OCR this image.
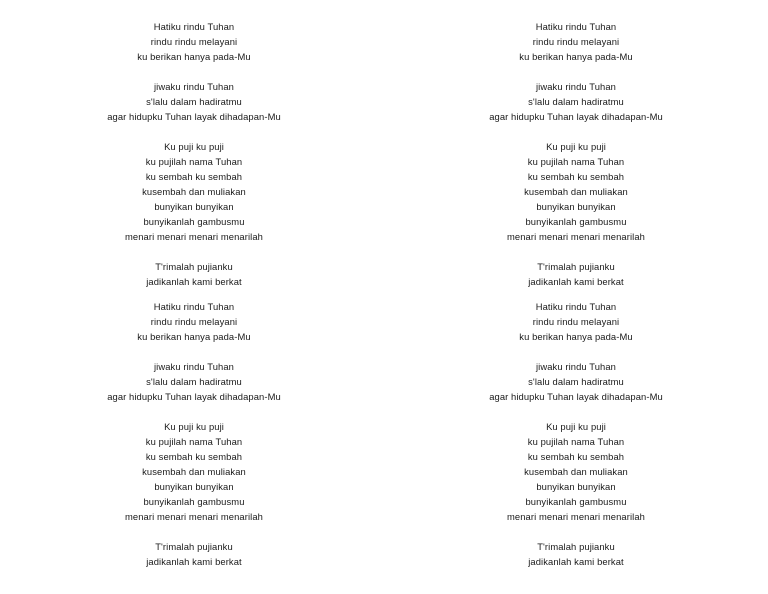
Hatiku rindu Tuhan
rindu rindu melayani
ku berikan hanya pada-Mu
jiwaku rindu Tuhan
s'lalu dalam hadiratmu
agar hidupku Tuhan layak dihadapan-Mu
Ku puji ku puji
ku pujilah nama Tuhan
ku sembah ku sembah
kusembah dan muliakan
bunyikan bunyikan
bunyikanlah gambusmu
menari menari menari menarilah
T'rimalah pujianku
jadikanlah kami berkat
Hatiku rindu Tuhan
rindu rindu melayani
ku berikan hanya pada-Mu
jiwaku rindu Tuhan
s'lalu dalam hadiratmu
agar hidupku Tuhan layak dihadapan-Mu
Ku puji ku puji
ku pujilah nama Tuhan
ku sembah ku sembah
kusembah dan muliakan
bunyikan bunyikan
bunyikanlah gambusmu
menari menari menari menarilah
T'rimalah pujianku
jadikanlah kami berkat
Hatiku rindu Tuhan
rindu rindu melayani
ku berikan hanya pada-Mu
jiwaku rindu Tuhan
s'lalu dalam hadiratmu
agar hidupku Tuhan layak dihadapan-Mu
Ku puji ku puji
ku pujilah nama Tuhan
ku sembah ku sembah
kusembah dan muliakan
bunyikan bunyikan
bunyikanlah gambusmu
menari menari menari menarilah
T'rimalah pujianku
jadikanlah kami berkat
Hatiku rindu Tuhan
rindu rindu melayani
ku berikan hanya pada-Mu
jiwaku rindu Tuhan
s'lalu dalam hadiratmu
agar hidupku Tuhan layak dihadapan-Mu
Ku puji ku puji
ku pujilah nama Tuhan
ku sembah ku sembah
kusembah dan muliakan
bunyikan bunyikan
bunyikanlah gambusmu
menari menari menari menarilah
T'rimalah pujianku
jadikanlah kami berkat
